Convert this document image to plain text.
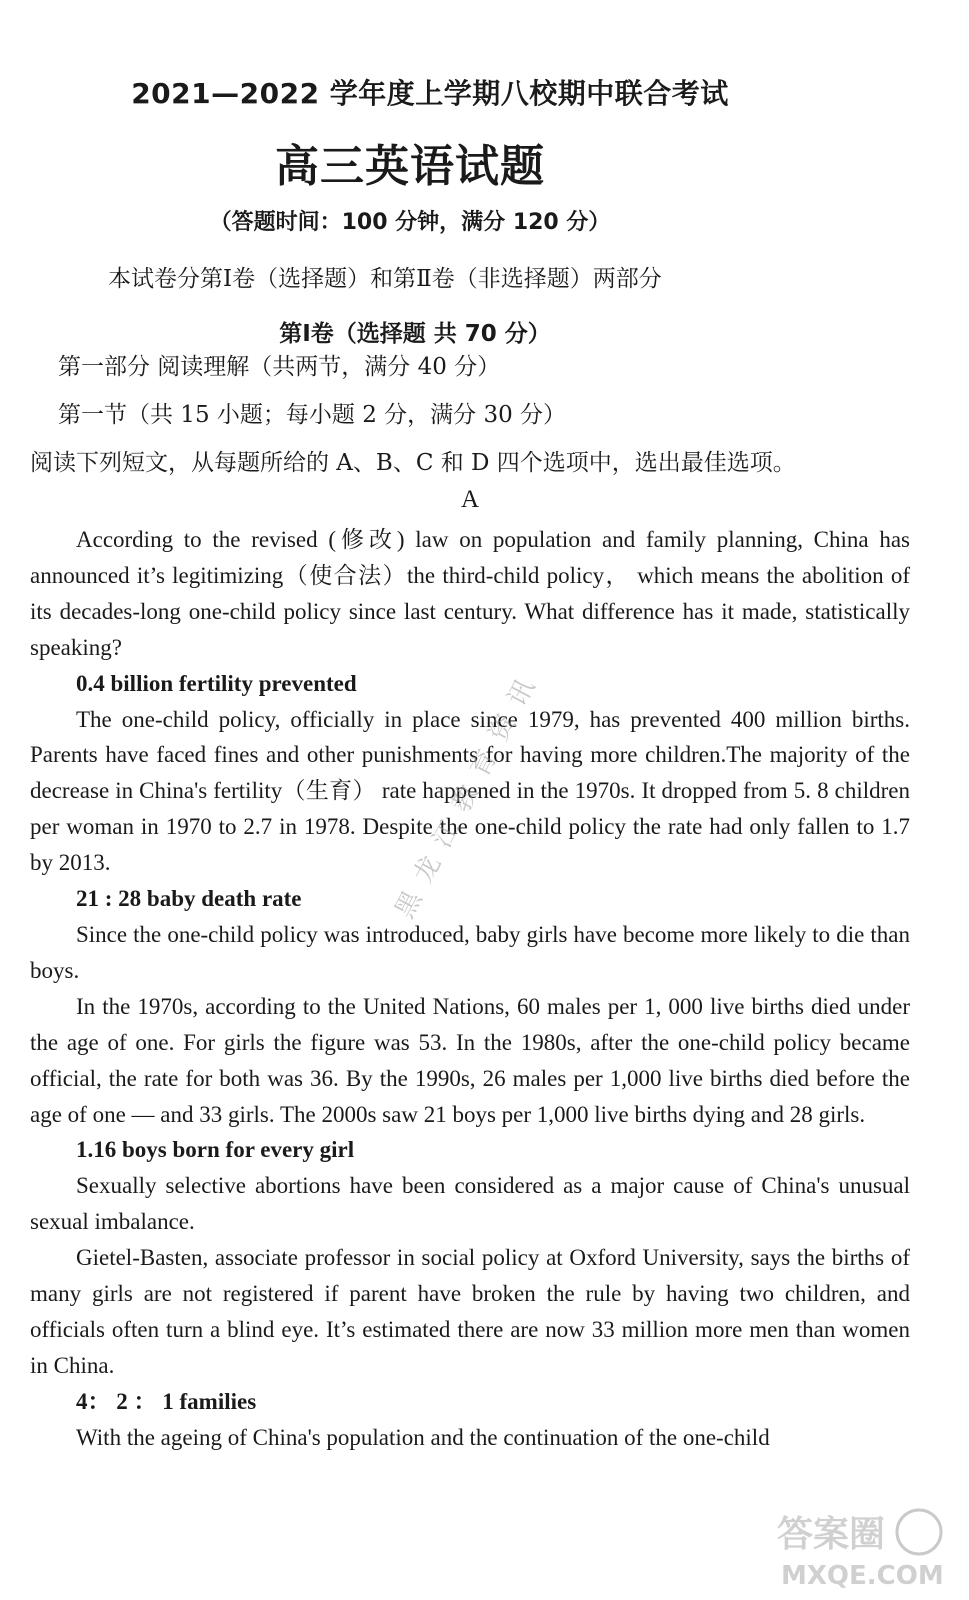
2021—2022 学年度上学期八校期中联合考试
高三英语试题
（答题时间：100 分钟，满分 120 分）
本试卷分第Ⅰ卷（选择题）和第Ⅱ卷（非选择题）两部分
第Ⅰ卷（选择题 共 70 分）
第一部分 阅读理解（共两节，满分 40 分）
第一节（共 15 小题；每小题 2 分，满分 30 分）
阅读下列短文，从每题所给的 A、B、C 和 D 四个选项中，选出最佳选项。
A

According to the revised (修改) law on population and family planning, China has announced it’s legitimizing（使合法）the third-child policy， which means the abolition of its decades-long one-child policy since last century. What difference has it made, statistically speaking?

0.4 billion fertility prevented

The one-child policy, officially in place since 1979, has prevented 400 million births. Parents have faced fines and other punishments for having more children.The majority of the decrease in China's fertility（生育） rate happened in the 1970s. It dropped from 5. 8 children per woman in 1970 to 2.7 in 1978. Despite the one-child policy the rate had only fallen to 1.7 by 2013.

21 : 28 baby death rate

Since the one-child policy was introduced, baby girls have become more likely to die than boys.

In the 1970s, according to the United Nations, 60 males per 1, 000 live births died under the age of one. For girls the figure was 53. In the 1980s, after the one-child policy became official, the rate for both was 36. By the 1990s, 26 males per 1,000 live births died before the age of one — and 33 girls. The 2000s saw 21 boys per 1,000 live births dying and 28 girls.

1.16 boys born for every girl

Sexually selective abortions have been considered as a major cause of China's unusual sexual imbalance.

Gietel-Basten, associate professor in social policy at Oxford University, says the births of many girls are not registered if parent have broken the rule by having two children, and officials often turn a blind eye. It’s estimated there are now 33 million more men than women in China.

4： 2 ： 1 families

With the ageing of China's population and the continuation of the one-child

黑龙江教育资讯
答案圈
MXQE.COM
